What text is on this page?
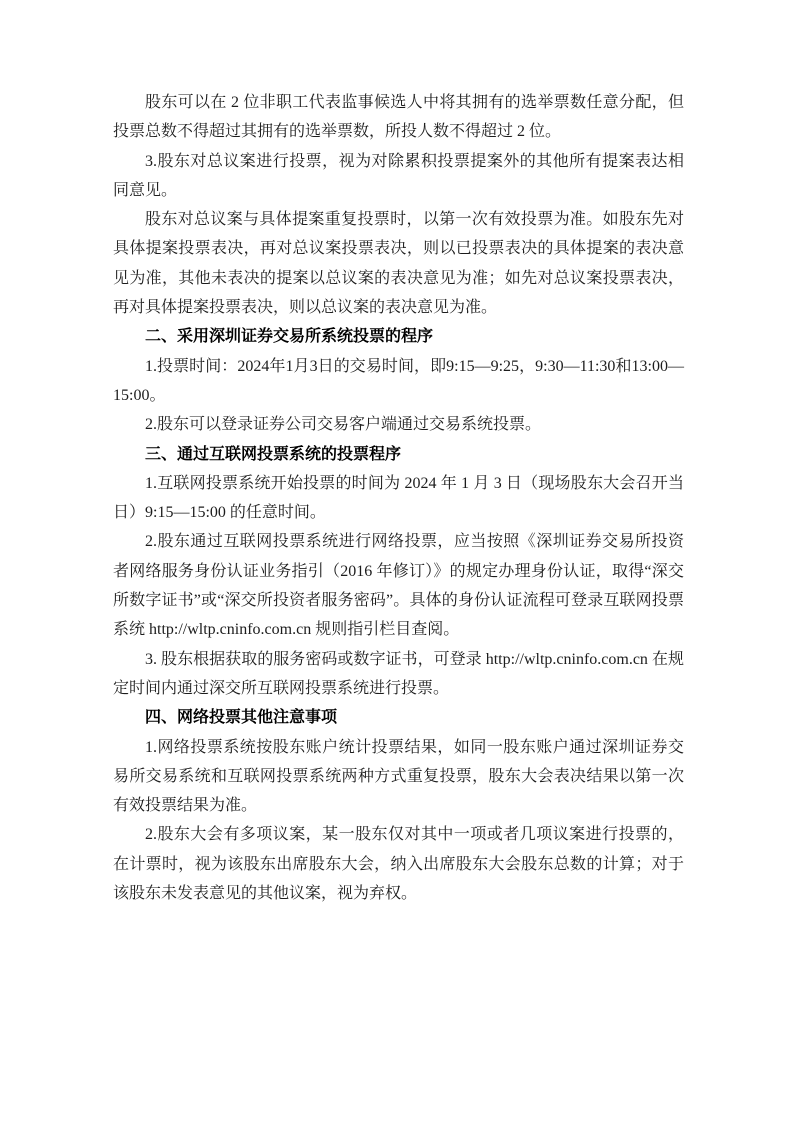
股东可以在 2 位非职工代表监事候选人中将其拥有的选举票数任意分配，但投票总数不得超过其拥有的选举票数，所投人数不得超过 2 位。

3.股东对总议案进行投票，视为对除累积投票提案外的其他所有提案表达相同意见。

股东对总议案与具体提案重复投票时，以第一次有效投票为准。如股东先对具体提案投票表决，再对总议案投票表决，则以已投票表决的具体提案的表决意见为准，其他未表决的提案以总议案的表决意见为准；如先对总议案投票表决，再对具体提案投票表决，则以总议案的表决意见为准。

二、采用深圳证券交易所系统投票的程序

1.投票时间：2024年1月3日的交易时间，即9:15—9:25，9:30—11:30和13:00—15:00。

2.股东可以登录证券公司交易客户端通过交易系统投票。

三、通过互联网投票系统的投票程序

1.互联网投票系统开始投票的时间为 2024 年 1 月 3 日（现场股东大会召开当日）9:15—15:00 的任意时间。

2.股东通过互联网投票系统进行网络投票，应当按照《深圳证券交易所投资者网络服务身份认证业务指引（2016 年修订）》的规定办理身份认证，取得“深交所数字证书”或“深交所投资者服务密码”。具体的身份认证流程可登录互联网投票系统 http://wltp.cninfo.com.cn 规则指引栏目查阅。

3. 股东根据获取的服务密码或数字证书，可登录 http://wltp.cninfo.com.cn 在规定时间内通过深交所互联网投票系统进行投票。

四、网络投票其他注意事项

1.网络投票系统按股东账户统计投票结果，如同一股东账户通过深圳证券交易所交易系统和互联网投票系统两种方式重复投票，股东大会表决结果以第一次有效投票结果为准。

2.股东大会有多项议案，某一股东仅对其中一项或者几项议案进行投票的，在计票时，视为该股东出席股东大会，纳入出席股东大会股东总数的计算；对于该股东未发表意见的其他议案，视为弃权。
